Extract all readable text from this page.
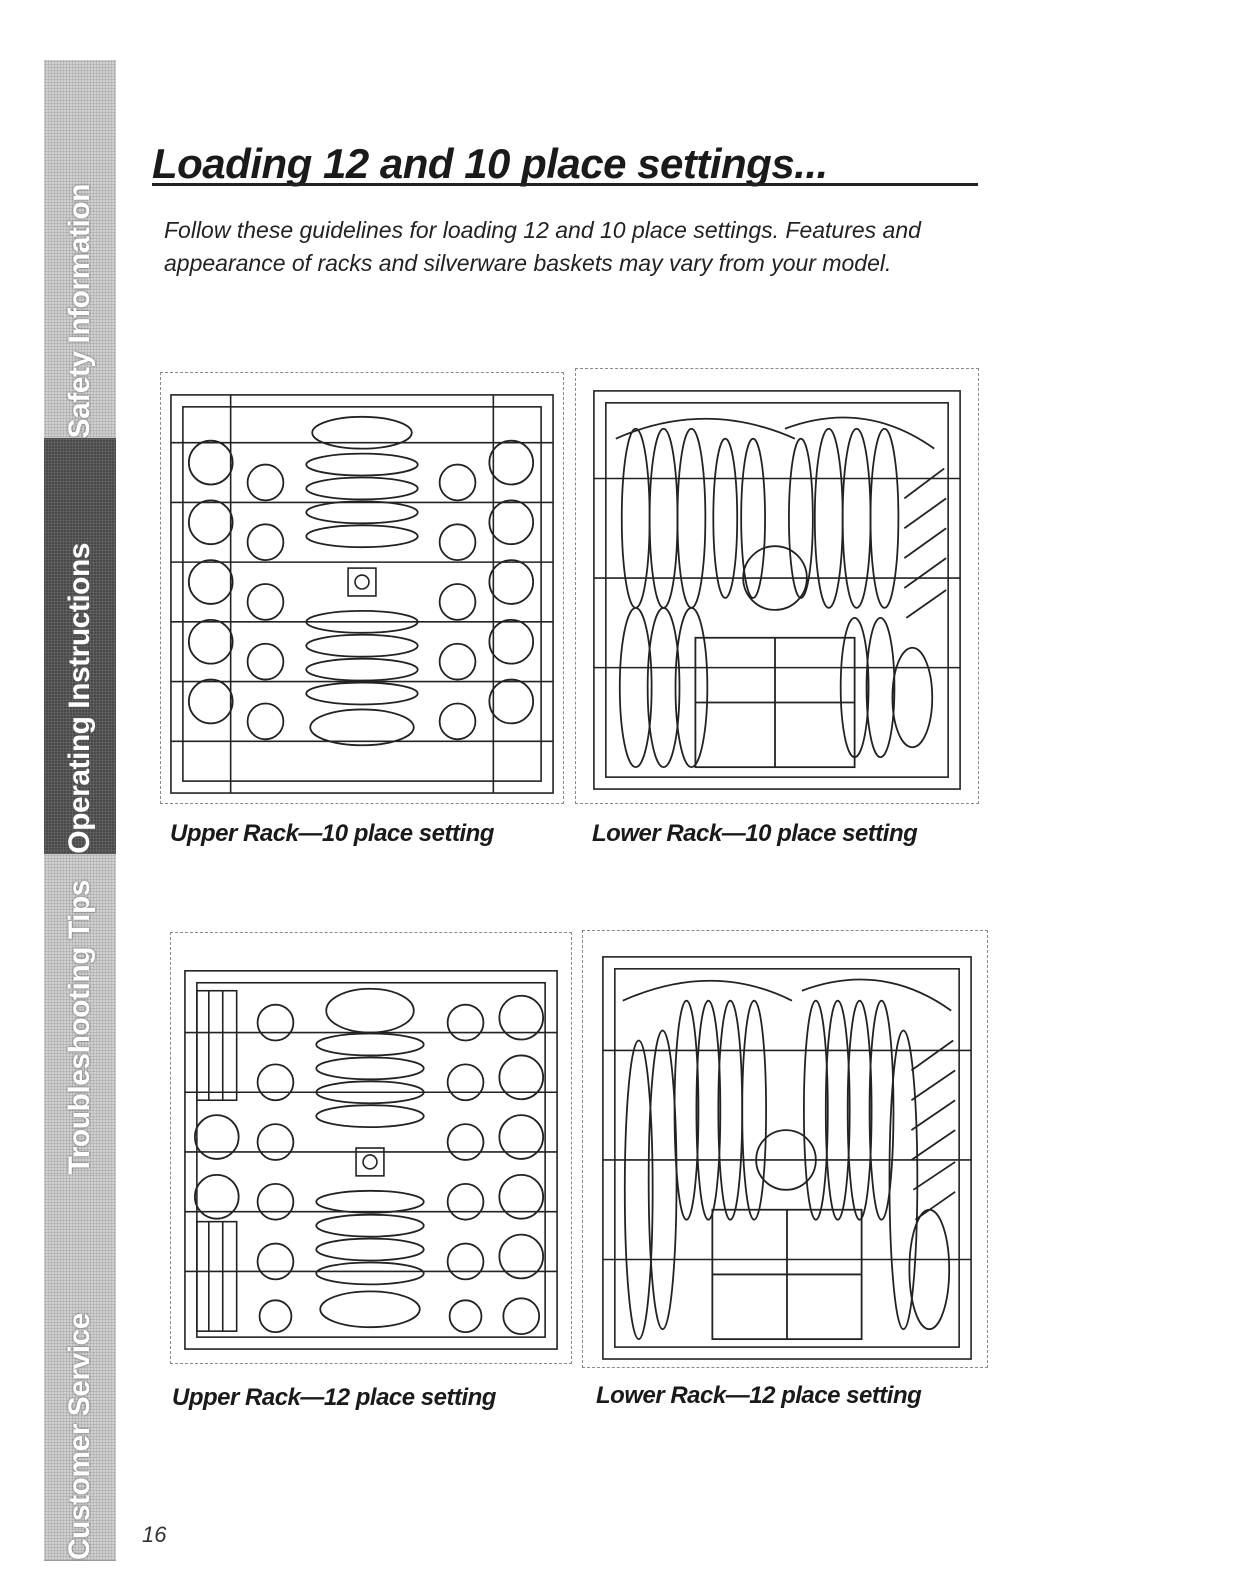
Safety Information
Operating Instructions
Troubleshooting Tips
Customer Service
Loading 12 and 10 place settings...

Follow these guidelines for loading 12 and 10 place settings. Features and appearance of racks and silverware baskets may vary from your model.

Upper Rack—10 place setting	Lower Rack—10 place setting

Upper Rack—12 place setting	Lower Rack—12 place setting

16
